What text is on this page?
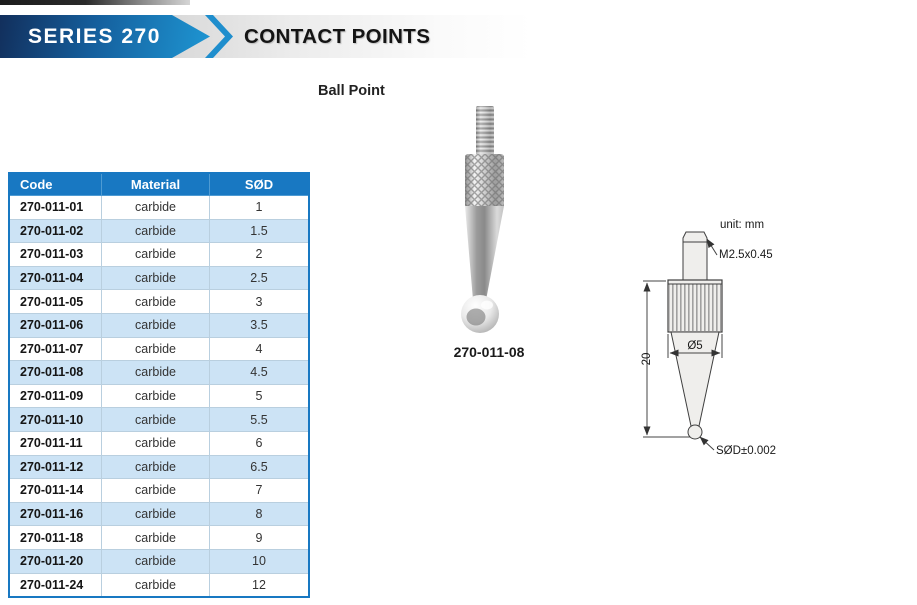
SERIES 270	CONTACT POINTS
Ball Point
Code	Material	SØD
270-011-01	carbide	1
270-011-02	carbide	1.5
270-011-03	carbide	2
270-011-04	carbide	2.5
270-011-05	carbide	3
270-011-06	carbide	3.5
270-011-07	carbide	4
270-011-08	carbide	4.5
270-011-09	carbide	5
270-011-10	carbide	5.5
270-011-11	carbide	6
270-011-12	carbide	6.5
270-011-14	carbide	7
270-011-16	carbide	8
270-011-18	carbide	9
270-011-20	carbide	10
270-011-24	carbide	12
270-011-08
unit: mm
Ø5
20
M2.5x0.45
SØD±0.002
